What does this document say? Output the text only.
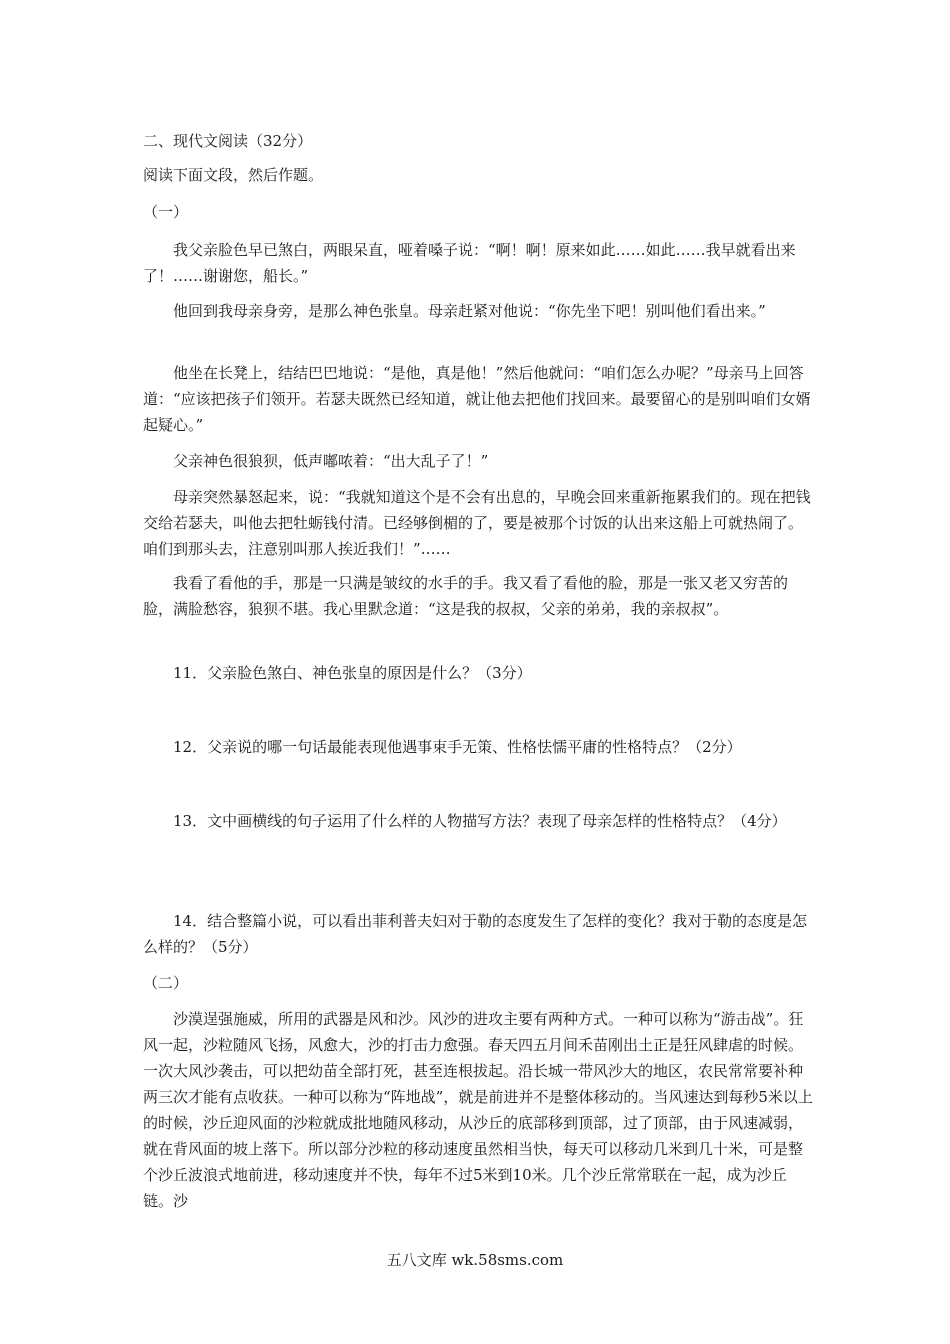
二、现代文阅读（32分）

阅读下面文段，然后作题。

（一）

我父亲脸色早已煞白，两眼呆直，哑着嗓子说：“啊！啊！原来如此……如此……我早就看出来了！……谢谢您，船长。”

他回到我母亲身旁，是那么神色张皇。母亲赶紧对他说：“你先坐下吧！别叫他们看出来。”

他坐在长凳上，结结巴巴地说：“是他，真是他！”然后他就问：“咱们怎么办呢？”母亲马上回答道：“应该把孩子们领开。若瑟夫既然已经知道，就让他去把他们找回来。最要留心的是别叫咱们女婿起疑心。”

父亲神色很狼狈，低声嘟哝着：“出大乱子了！”

母亲突然暴怒起来，说：“我就知道这个是不会有出息的，早晚会回来重新拖累我们的。现在把钱交给若瑟夫，叫他去把牡蛎钱付清。已经够倒楣的了，要是被那个讨饭的认出来这船上可就热闹了。咱们到那头去，注意别叫那人挨近我们！”……

我看了看他的手，那是一只满是皱纹的水手的手。我又看了看他的脸，那是一张又老又穷苦的脸，满脸愁容，狼狈不堪。我心里默念道：“这是我的叔叔，父亲的弟弟，我的亲叔叔”。

11．父亲脸色煞白、神色张皇的原因是什么？（3分）

12．父亲说的哪一句话最能表现他遇事束手无策、性格怯懦平庸的性格特点？（2分）

13．文中画横线的句子运用了什么样的人物描写方法？表现了母亲怎样的性格特点？（4分）

14．结合整篇小说，可以看出菲利普夫妇对于勒的态度发生了怎样的变化？我对于勒的态度是怎么样的？（5分）

（二）

沙漠逞强施威，所用的武器是风和沙。风沙的进攻主要有两种方式。一种可以称为“游击战”。狂风一起，沙粒随风飞扬，风愈大，沙的打击力愈强。春天四五月间禾苗刚出土正是狂风肆虐的时候。一次大风沙袭击，可以把幼苗全部打死，甚至连根拔起。沿长城一带风沙大的地区，农民常常要补种两三次才能有点收获。一种可以称为“阵地战”，就是前进并不是整体移动的。当风速达到每秒5米以上的时候，沙丘迎风面的沙粒就成批地随风移动，从沙丘的底部移到顶部，过了顶部，由于风速减弱，就在背风面的坡上落下。所以部分沙粒的移动速度虽然相当快，每天可以移动几米到几十米，可是整个沙丘波浪式地前进，移动速度并不快，每年不过5米到10米。几个沙丘常常联在一起，成为沙丘链。沙

五八文库 wk.58sms.com
